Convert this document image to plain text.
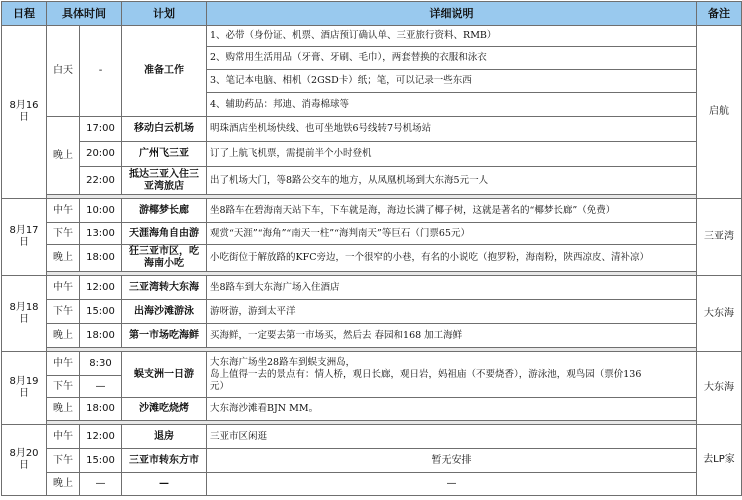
日程	具体时间		计划	详细说明	备注
8月16日	白天	-	准备工作	1、必带（身份证、机票、酒店预订确认单、三亚旅行资料、RMB）	启航
				2、购常用生活用品（牙膏、牙刷、毛巾），两套替换的衣服和泳衣	
				3、笔记本电脑、相机（2GSD卡）纸；笔，可以记录一些东西	
				4、辅助药品：邦迪、消毒棉球等	
	晚上	17:00	移动白云机场	明珠酒店坐机场快线、也可坐地铁6号线转7号机场站	
		20:00	广州飞三亚	订了上航飞机票，需提前半个小时登机	
		22:00	抵达三亚入住三亚湾旅店	出了机场大门，等8路公交车的地方，从凤凰机场到大东海5元一人	

8月17日	中午	10:00	游椰梦长廊	坐8路车在碧海南天站下车，下车就是海，海边长满了椰子树，这就是著名的“椰梦长廊”（免费）	三亚湾
	下午	13:00	天涯海角自由游	观赏“天涯”“海角”“南天一柱”“海判南天”等巨石（门票65元）	
	晚上	18:00	狂三亚市区，吃海南小吃	小吃街位于解放路的KFC旁边，一个很窄的小巷，有名的小说吃（抱罗粉，海南粉，陕西凉皮、清补凉）	

8月18日	中午	12:00	三亚湾转大东海	坐8路车到大东海广场入住酒店	大东海
	下午	15:00	出海沙滩游泳	游呀游，游到太平洋	
	晚上	18:00	第一市场吃海鲜	买海鲜，一定要去第一市场买，然后去 春园和168 加工海鲜	

8月19日	中午	8:30	蜈支洲一日游	大东海广场坐28路车到蜈支洲岛，
岛上值得一去的景点有：情人桥，观日长廊，观日岩，妈祖庙（不要烧香），游泳池，观鸟园（票价136
元）	大东海
	下午	—			
	晚上	18:00	沙滩吃烧烤	大东海沙滩看BJN MM。	

8月20日	中午	12:00	退房	三亚市区闲逛	去LP家
	下午	15:00	三亚市转东方市	暂无安排	
	晚上	—	—	—	
